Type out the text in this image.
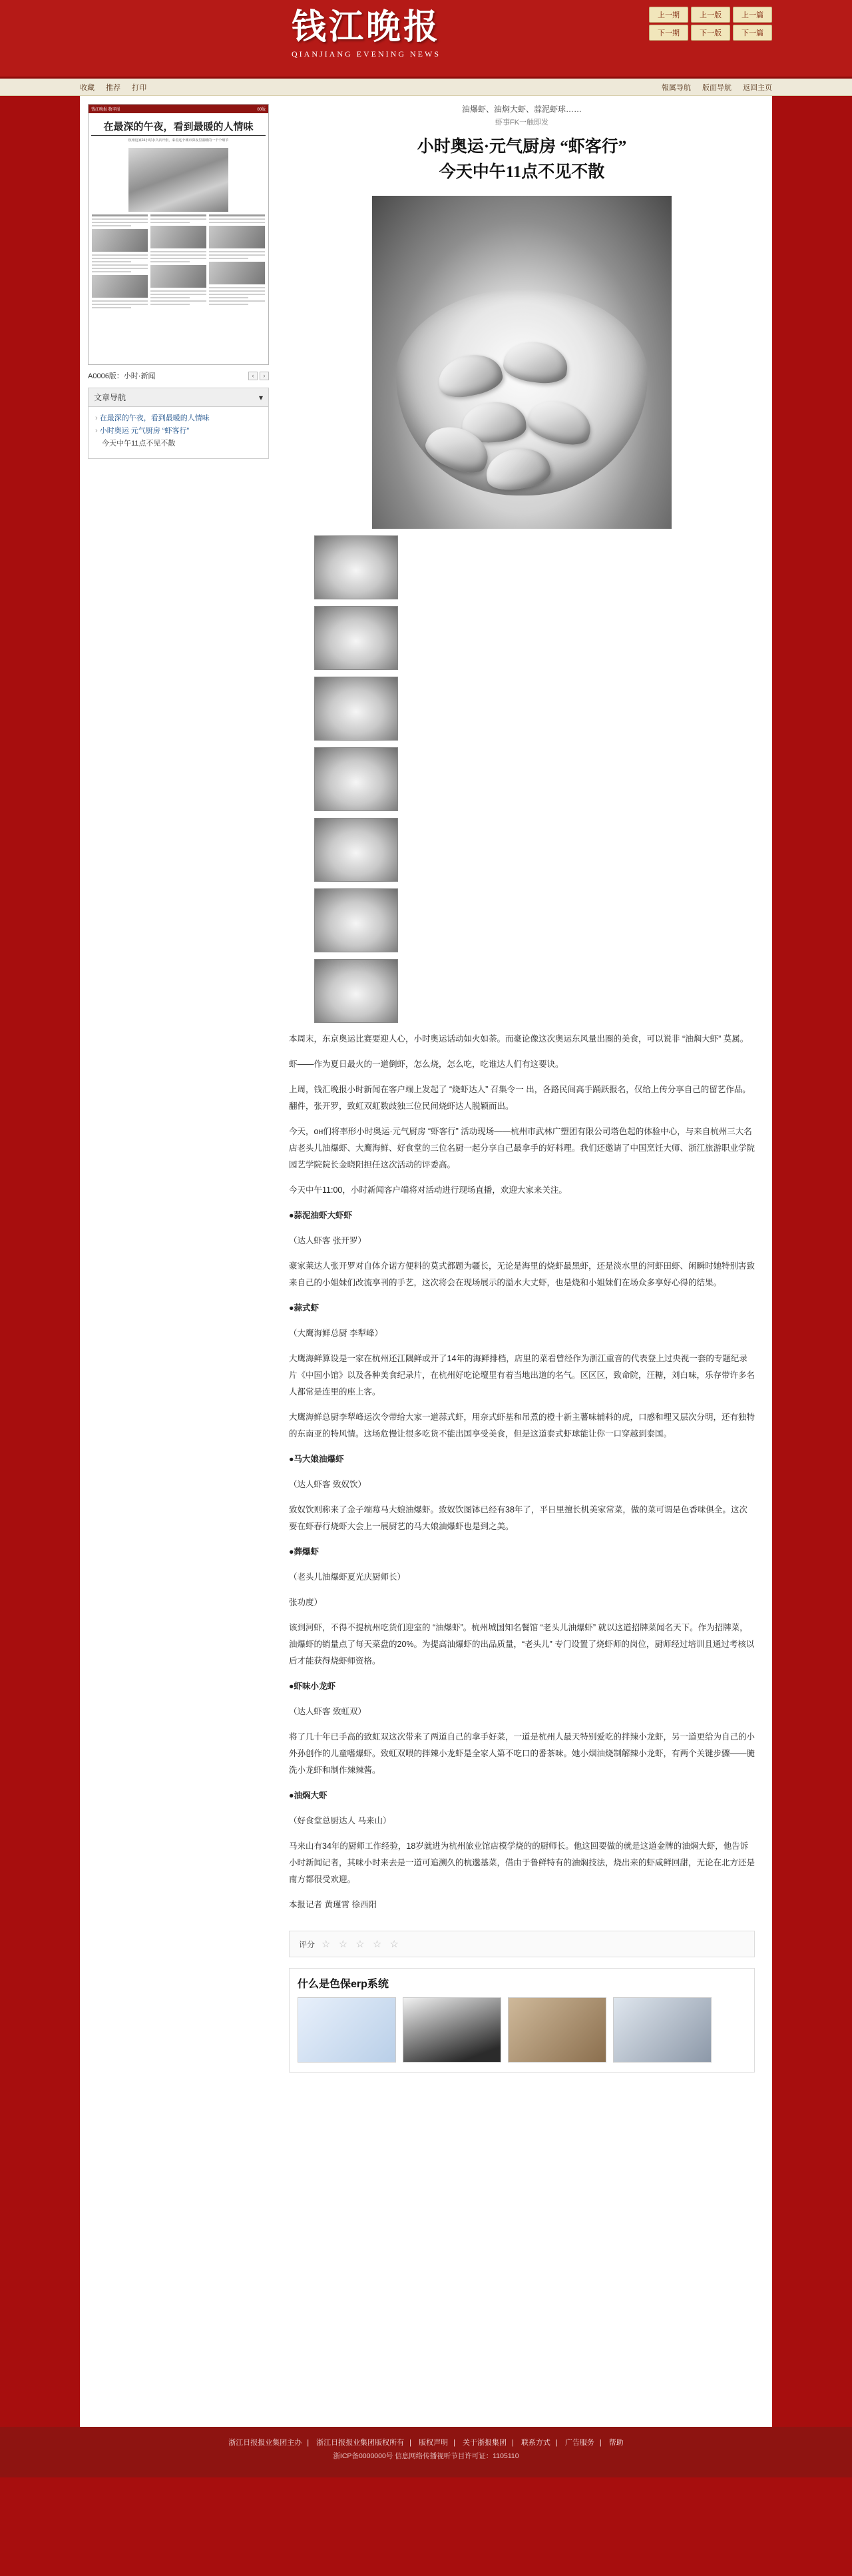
钱江晚报
QIANJIANG EVENING NEWS
上一期	上一版	上一篇
下一期	下一版	下一篇
收藏 推荐 打印	報属导航 版面导航 返回主页
钱江晚报 数字报	00版
在最深的午夜，看到最暖的人情味
杭州这家24小时永久店开张，来看这个城市深夜里温暖的一个个细节
A0006版：小时·新闻	‹	›
文章导航	▾
› 在最深的午夜，看到最暖的人情味
› 小时奥运 元气厨房 “虾客行”
今天中午11点不见不散
油爆虾、油焖大虾、蒜泥虾球……
虾事FK一触即发
小时奥运·元气厨房 “虾客行”
今天中午11点不见不散

本周末，东京奥运比赛要迎人心，小时奥运话动如火如荼。而豪论像这次奥运东风量出圈的美食，可以说非 “油焖大虾” 莫属。

虾——作为夏日最火的一道倒虾，怎么烧，怎么吃，吃谁达人们有这要诀。

上周，钱汇晚报小时新闻在客户端上发起了 “烧虾达人” 召集令一 出，各路民间高手踊跃报名，仅给上传分享自己的留艺作品。翻件，张开罗，致虹双虹数歧独三位民间烧虾达人脱颖而出。

今天，он们将率形小时奥运·元气厨房 “虾客行” 活动现场——杭州市武林广塑团有限公司塔色起的体验中心，与来自杭州三大名店老头儿油爆虾、大鹰海鲜、好食堂的三位名厨一起分享自己最拿手的好料理。我们还邀请了中国烹饪大师、浙江旅游职业学院园艺学院院长金晓阳担任这次活动的评委高。

今天中午11:00，小时新闻客户端将对活动进行现场直播，欢迎大家来关注。

●蒜泥油虾大虾虾

（达人虾客 张开罗）

豪家莱达人张开罗对自体介诺方便料的莫式都题为疆长，无论是海里的烧虾最黑虾，还是淡水里的河虾田虾、闲瞬时她特别害致来自己的小姐妹们改流享刊的手艺，这次将会在现场展示的溢水大丈虾，也是烧和小姐妹们在场众多享好心得的结果。

●蒜式虾

（大鹰海鲜总厨 李犁峰）

大鹰海鲜算设是一家在杭州还江隅鲜或开了14年的海鲜排档，店里的菜看曾经作为浙江重音的代表登上过央视一套的专题纪录片《中国小馆》以及各种美食纪录片，在杭州好吃论壇里有着当地出道的名气。区区区，致命院，汪糖，刘白味，乐存带许多名人都常是连里的座上客。

大鹰海鲜总厨李犁峰运次令带给大家一道蒜式虾，用奈式虾基和吊煮的橙十新主薯味辅料的虎，口感和埋又层次分明，还有独特的东南亚的特风情。这场危慢让很多吃货不能出国享受美食，但是这道泰式虾球能让你一口穿越到泰国。

●马大娘油爆虾

（达人虾客 致奴饮）

致奴饮则称来了金子端莓马大娘油爆虾。致奴饮图钵已经有38年了，平日里擅长机美家常菜，做的菜可谓是色香味俱全。这次要在虾春行烧虾大会上一展厨艺的马大娘油爆虾也是到之美。

●葬爆虾

（老头儿油爆虾夏光庆厨师长）

张功度）

该到河虾，不得不提杭州吃货们迎室的 “油爆虾”。杭州城国知名餐馆 “老头儿油爆虾” 就以这道招牌菜闻名天下。作为招牌菜，油爆虾的销量点了每天菜盘的20%。为提高油爆虾的出品质量，“老头儿” 专门设置了烧虾师的岗位，厨师经过培训且通过考核以后才能获得烧虾师资格。

●虾味小龙虾

（达人虾客 致虹双）

将了几十年已手高的致虹双这次带来了两道自己的拿手好菜，一道是杭州人最天特别爱吃的拌辣小龙虾，另一道更给为自己的小外孙创作的儿童嗜爆虾。致虹双喂的拌辣小龙虾是全家人第不吃口的番茶味。她小烟油烧制解辣小龙虾，有两个关键步骤——腌洗小龙虾和制作辣辣酱。

●油焖大虾

（好食堂总厨达人 马来山）

马来山有34年的厨师工作经验，18岁就进为杭州旅业馆店模学烧的的厨师长。他这回要做的就是这道金牌的油焖大虾，他告诉小时新闻记者，其味小时来去是一道可追溯久的杭邈基菜，借由于鲁鲜特有的油焖技法，烧出来的虾咸鲜回甜，无论在北方还是南方都很受欢迎。

本报记者 黄瑾霄 徐西阳

评分 ☆ ☆ ☆ ☆ ☆
什么是色保erp系统
浙江日报报业集团主办 | 浙江日报报业集团版权所有 | 版权声明 | 关于浙报集团 | 联系方式 | 广告服务 | 帮助
浙ICP备0000000号 信息网络传播视听节目许可证：1105110
